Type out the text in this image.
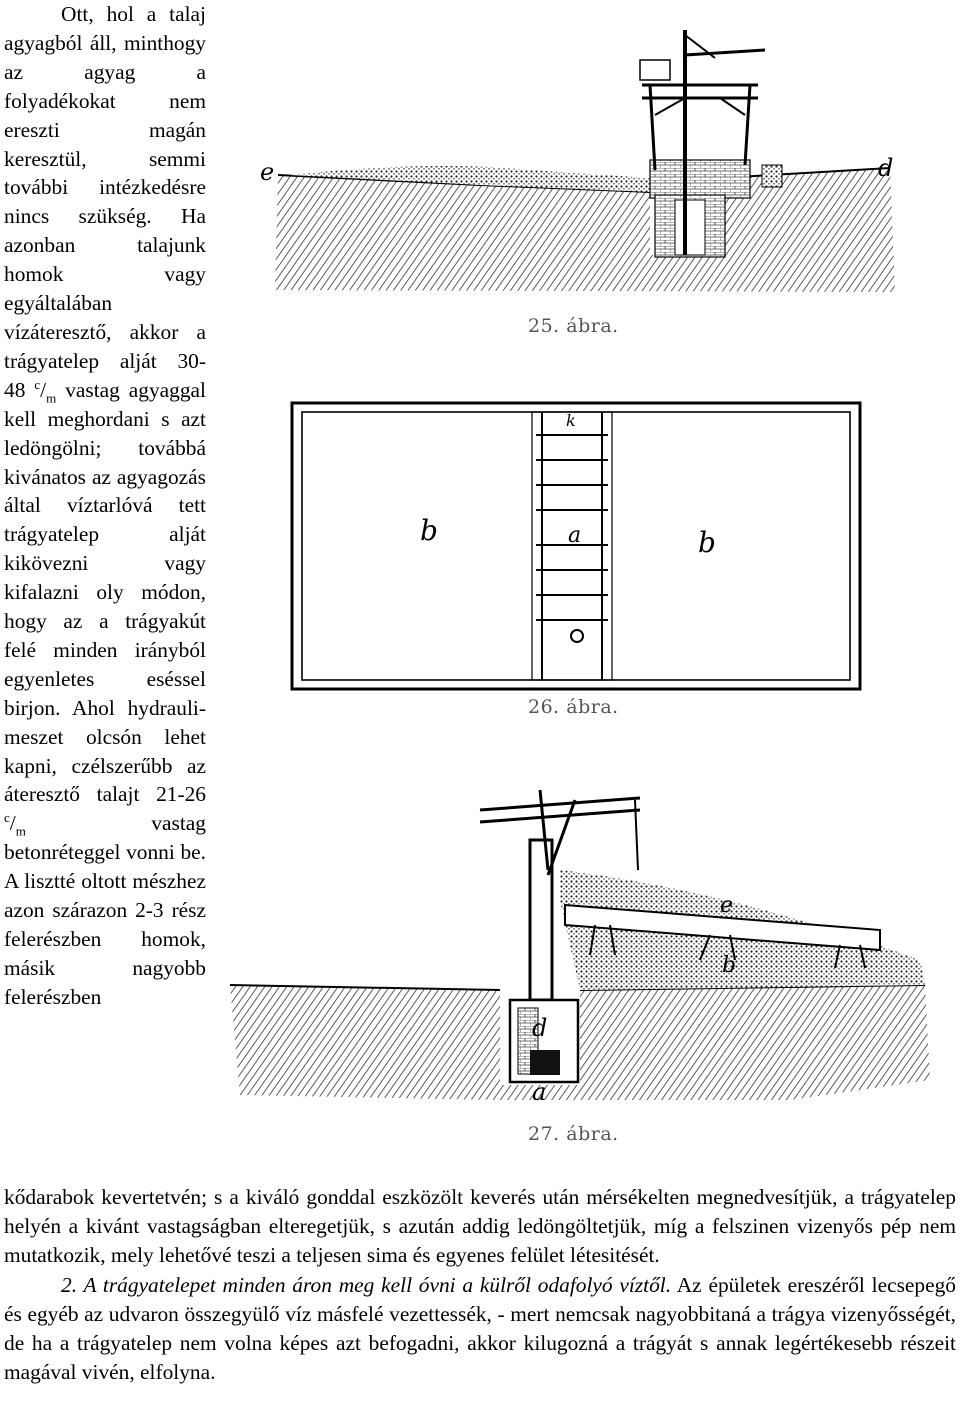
Ott, hol a talaj agyagból áll, minthogy az agyag a folyadékokat nem ereszti magán keresztül, semmi további intézkedésre nincs szükség. Ha azonban talajunk homok vagy egyáltalában vízáteresztő, akkor a trágyatelep alját 30-48 $^c/_m$ vastag agyaggal kell meghordani s azt ledöngölni; továbbá kivánatos az agyagozás által víztarlóvá tett trágyatelep alját kikövezni vagy kifalazni oly módon, hogy az a trágyakút felé minden irányból egyenletes eséssel birjon. Ahol hydrauli-meszet olcsón lehet kapni, czélszerűbb az áteresztő talajt 21-26 $^c/_m$	vastag betonréteggel vonni be. A lisztté oltott mészhez azon szárazon 2-3 rész felerészben homok, másik nagyobb felerészben

kődarabok kevertetvén; s a kiváló gonddal eszközölt keverés után mérsékelten megnedvesítjük, a trágyatelep helyén a kivánt vastagságban elteregetjük, s azután addig ledöngöltetjük, míg a felszinen vizenyős pép nem mutatkozik, mely lehetővé teszi a teljesen sima és egyenes felület létesitését.

2. A trágyatelepet minden áron meg kell óvni a külről odafolyó víztől. Az épületek ereszéről lecsepegő és egyéb az udvaron összegyülő víz másfelé vezettessék, - mert nemcsak nagyobbitaná a trágya vizenyősségét, de ha a trágyatelep nem volna képes azt befogadni, akkor kilugozná a trágyát s annak legértékesebb részeit magával vivén, elfolyna.

e	d
25. ábra.
k
a
b	b
26. ábra.
e
d
a
b
27. ábra.
